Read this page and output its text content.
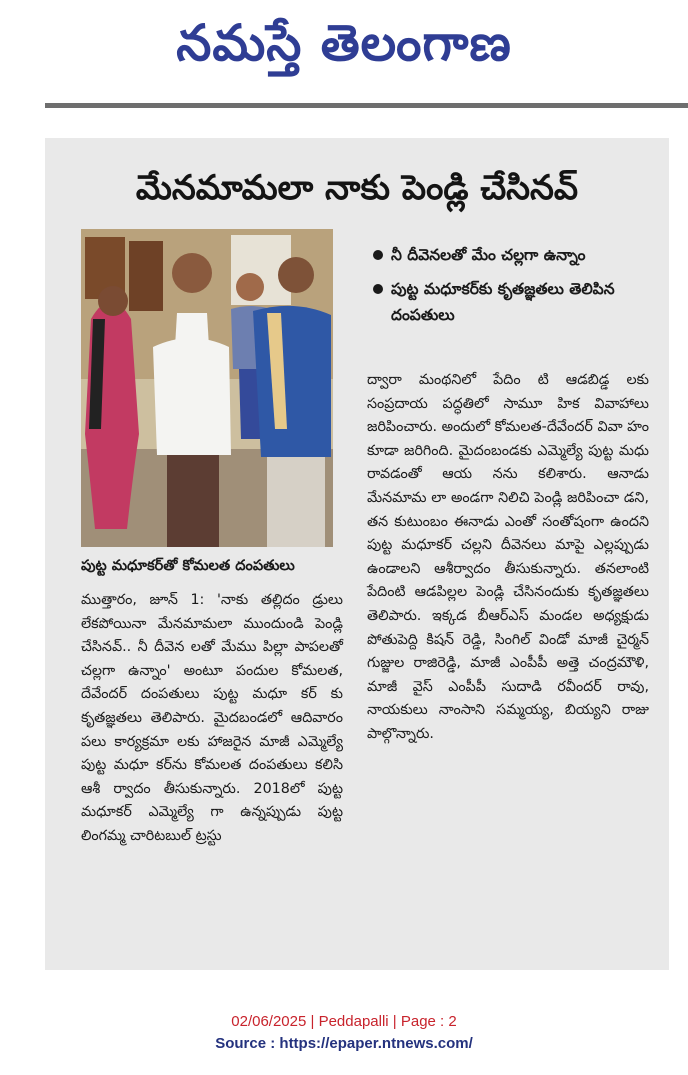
నమస్తే తెలంగాణ
మేనమామలా నాకు పెండ్లి చేసినవ్
పుట్ట మధూకర్‌తో కోమలత దంపతులు
నీ దీవెనలతో మేం చల్లగా ఉన్నాం
పుట్ట మధూకర్‌కు కృతజ్ఞతలు తెలిపిన దంపతులు

ముత్తారం, జూన్ 1: 'నాకు తల్లిదం డ్రులు లేకపోయినా మేనమామలా ముందుండి పెండ్లి చేసినవ్.. నీ దీవెన లతో మేము పిల్లా పాపలతో చల్లగా ఉన్నాం' అంటూ పందుల కోమలత, దేవేందర్ దంపతులు పుట్ట మధూ కర్ కు కృతజ్ఞతలు తెలిపారు. మైదబండలో ఆదివారం పలు కార్యక్రమా లకు హాజరైన మాజీ ఎమ్మెల్యే పుట్ట మధూ కర్‌ను కోమలత దంపతులు కలిసి ఆశీ ర్వాదం తీసుకున్నారు. 2018లో పుట్ట మధూకర్ ఎమ్మెల్యే గా ఉన్నప్పుడు పుట్ట లింగమ్మ చారిటబుల్ ట్రస్టు

ద్వారా మంథనిలో పేదిం టి ఆడబిడ్డ లకు సంప్రదాయ పద్ధతిలో సామూ హిక వివాహాలు జరిపించారు. అందులో కోమలత-దేవేందర్ వివా హం కూడా జరిగింది. మైదంబండకు ఎమ్మెల్యే పుట్ట మధు రావడంతో ఆయ నను కలిశారు. ఆనాడు మేనమామ లా అండగా నిలిచి పెండ్లి జరిపించా డని, తన కుటుంబం ఈనాడు ఎంతో సంతోషంగా ఉందని పుట్ట మధూకర్ చల్లని దీవెనలు మాపై ఎల్లప్పుడు ఉండాలని ఆశీర్వాదం తీసుకున్నారు. తనలాంటి పేదింటి ఆడపిల్లల పెండ్లి చేసినందుకు కృతజ్ఞతలు తెలిపారు. ఇక్కడ బీఆర్‌ఎస్ మండల అధ్యక్షుడు పోతుపెద్ది కిషన్ రెడ్డి, సింగిల్ విండో మాజీ చైర్మన్ గుజ్జుల రాజిరెడ్డి, మాజీ ఎంపీపీ అత్తె చంద్రమౌళి, మాజీ వైస్ ఎంపీపీ సుదాడి రవీందర్ రావు, నాయకులు నాంసాని సమ్మయ్య, బియ్యని రాజు పాల్గొన్నారు.

02/06/2025 | Peddapalli | Page : 2
Source : https://epaper.ntnews.com/
